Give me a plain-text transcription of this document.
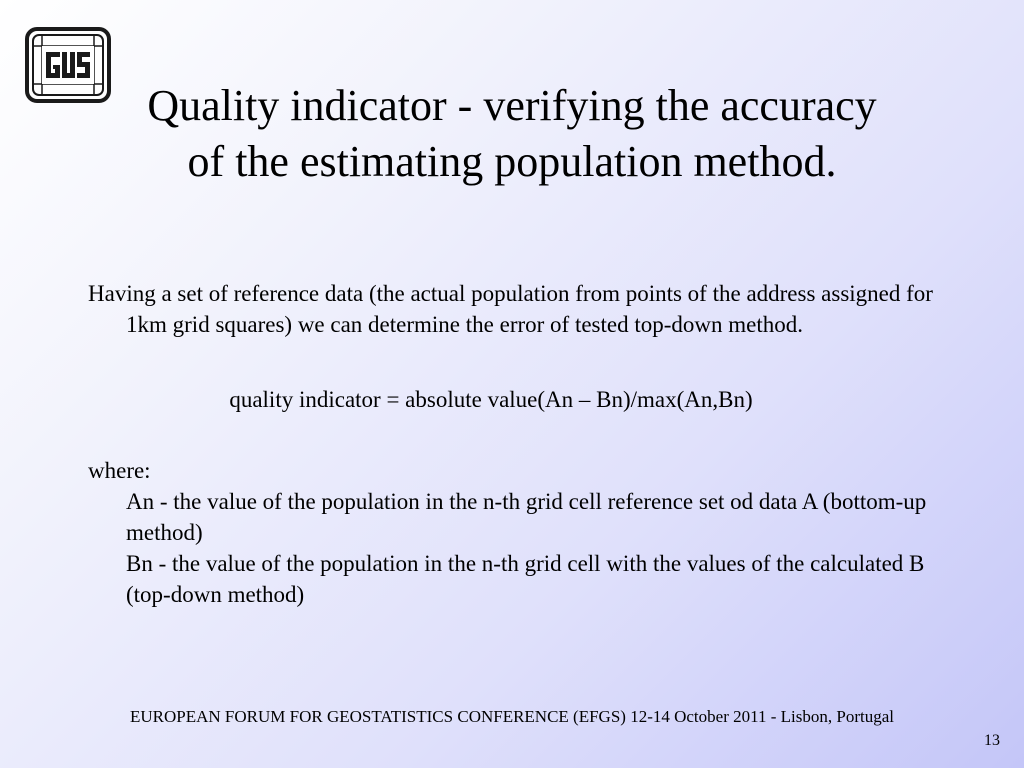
Quality indicator - verifying the accuracy
of the estimating population method.

Having a set of reference data (the actual population from points of the address assigned for 1km grid squares) we can determine the error of tested top-down method.

quality indicator = absolute value(An – Bn)/max(An,Bn)

where:

An - the value of the population in the n-th grid cell reference set od data A (bottom-up method)

Bn - the value of the population in the n-th grid cell with the values of the calculated B (top-down method)

EUROPEAN FORUM FOR GEOSTATISTICS CONFERENCE (EFGS) 12-14 October 2011 - Lisbon, Portugal
13
